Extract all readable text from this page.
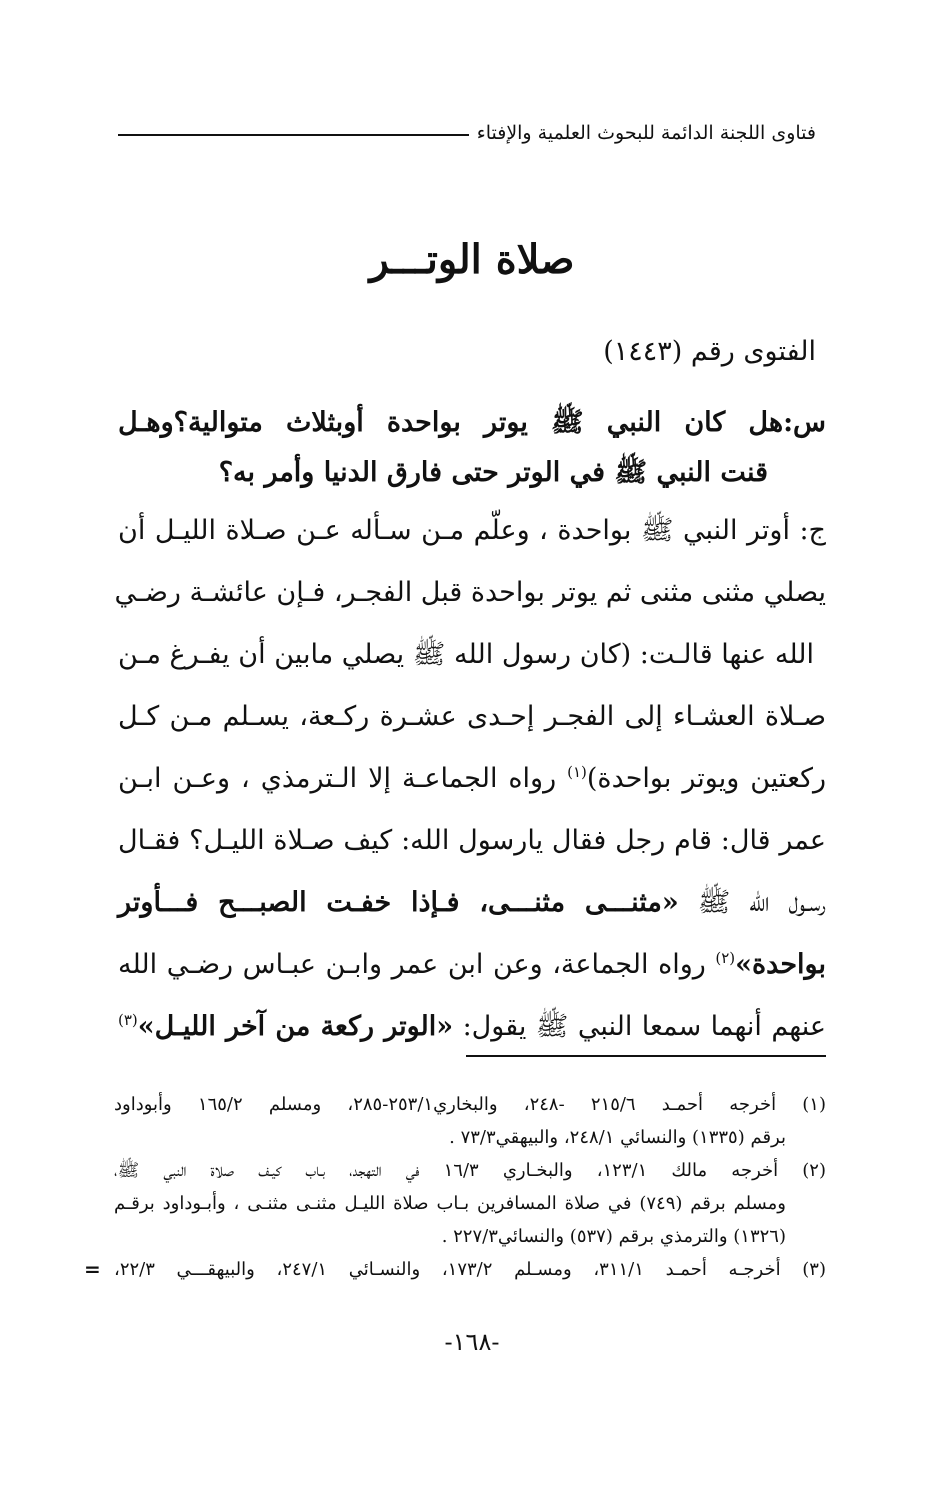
فتاوى اللجنة الدائمة للبحوث العلمية والإفتاء
صلاة الوتـــر
الفتوى رقم (١٤٤٣)
س:هل كان النبي ﷺ يوتر بواحدة أوبثلاث متوالية؟وهـل
قنت النبي ﷺ في الوتر حتى فارق الدنيا وأمر به؟
ج: أوتر النبي ﷺ بواحدة ، وعلّم مـن سـأله عـن صـلاة الليـل أن
يصلي مثنى مثنى ثم يوتر بواحدة قبل الفجـر، فـإن عائشـة رضـي
الله عنها قالـت: (كان رسول الله ﷺ يصلي مابين أن يفـرغ مـن
صـلاة العشـاء إلى الفجـر إحـدى عشـرة ركـعة، يسـلم مـن كـل
ركعتين ويوتر بواحدة)$^{(١)}$ رواه الجماعـة إلا الـترمذي ، وعـن ابـن
عمر قال: قام رجل فقال يارسول الله: كيف صـلاة الليـل؟ فقـال
رسـول الله ﷺ «مثنـــى مثنـــى، فـإذا خفـت الصبـــح فـــأوتر
بواحدة»$^{(٢)}$ رواه الجماعة، وعن ابن عمر وابـن عبـاس رضـي الله
عنهم أنهما سمعا النبي ﷺ يقول: «الوتر ركعة من آخر الليـل»$^{(٣)}$
(١) أخرجه أحمـد ٢١٥/٦ -٢٤٨، والبخاري٢٥٣/١-٢٨٥، ومسلم ١٦٥/٢ وأبوداود
برقم (١٣٣٥) والنسائي ٢٤٨/١، والبيهقي٧٣/٣ .
(٢) أخرجه مالك ١٢٣/١، والبخـاري ١٦/٣ في التهجد، بـاب كيـف صلاة النبي ﷺ،
ومسلم برقم (٧٤٩) في صلاة المسافرين بـاب صلاة الليـل مثنـى مثنـى ، وأبـوداود برقـم
(١٣٢٦) والترمذي برقم (٥٣٧) والنسائي٢٢٧/٣ .
(٣) أخرجـه أحمـد ٣١١/١، ومسـلم ١٧٣/٢، والنسـائي ٢٤٧/١، والبيهقـــي ٢٢/٣،
=
-١٦٨-
